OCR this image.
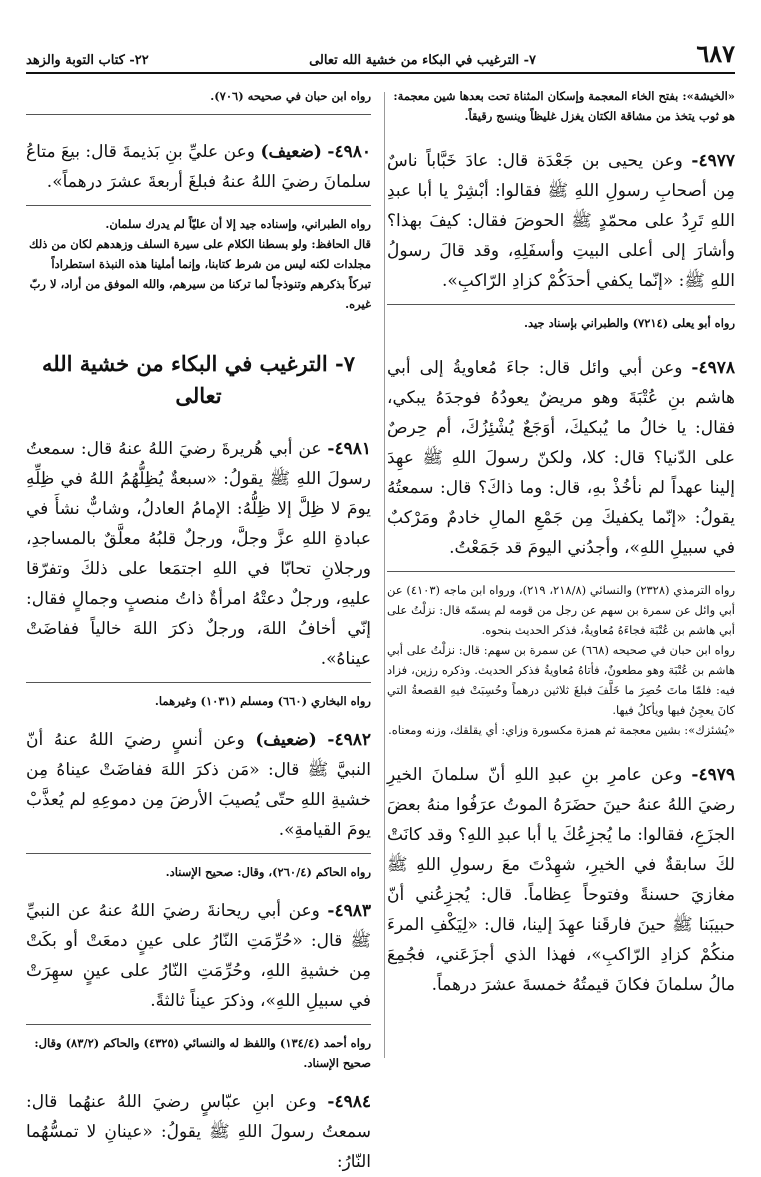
٦٨٧
٧- الترغيب في البكاء من خشية الله تعالى
٢٢- كتاب التوبة والزهد

«الخيشة»: بفتح الخاء المعجمة وإسكان المثناة تحت بعدها شين معجمة: هو ثوب يتخذ من مشاقة الكتان يغزل غليظاً وينسج رقيقاً.

٤٩٧٧- وعن يحيى بن جَعْدَة قال: عادَ خَبَّاباً ناسٌ مِن أصحابِ رسولِ اللهِ ﷺ فقالوا: أبْشِرْ يا أبا عبدِ اللهِ تَرِدُ على محمّدٍ ﷺ الحوضَ فقال: كيفَ بهذا؟ وأشارَ إلى أعلى البيتِ وأسفَلِهِ، وقد قالَ رسولُ اللهِ ﷺ: «إنّما يكفي أحدَكُمْ كزادِ الرّاكبِ».

رواه أبو يعلى (٧٢١٤) والطبراني بإسناد جيد.

٤٩٧٨- وعن أبي وائل قال: جاءَ مُعاويةُ إلى أبي هاشم بنِ عُتْبَةَ وهو مريضٌ يعودُهُ فوجدَهُ يبكي، فقال: يا خالُ ما يُبكيكَ، أوَجَعٌ يُشْئِزُكَ، أم حِرصٌ على الدّنيا؟ قال: كلا، ولكنّ رسولَ اللهِ ﷺ عهِدَ إلينا عهداً لم نأخُذْ بهِ، قال: وما ذاكَ؟ قال: سمعتُهُ يقولُ: «إنّما يكفيكَ مِن جَمْعِ المالِ خادمٌ ومَرْكبٌ في سبيلِ اللهِ»، وأجدُني اليومَ قد جَمَعْتُ.

رواه الترمذي (٢٣٢٨) والنسائي (٢١٨/٨، ٢١٩)، ورواه ابن ماجه (٤١٠٣) عن أبي وائل عن سمرة بن سهم عن رجل من قومه لم يسمّه قال: نزلْتُ على أبي هاشم بن عُتْبَة فجاءَهُ مُعاويةُ، فذكر الحديث بنحوه.

رواه ابن حبان في صحيحه (٦٦٨) عن سمرة بن سهم: قال: نزلْتُ على أبي هاشم بن عُتْبَة وهو مطعونٌ، فأتاهُ مُعاويةُ فذكر الحديث. وذكره رزين، فزاد فيه: فلمّا ماتَ حُصِرَ ما خَلَّفَ فبلغَ ثلاثين درهماً وحُسِبَتْ فيهِ القصعةُ التي كانَ يعجِنُ فيها ويأكلُ فيها.

«يُشئزك»: بشين معجمة ثم همزة مكسورة وزاي: أي يقلقك، وزنه ومعناه.

٤٩٧٩- وعن عامرِ بنِ عبدِ اللهِ أنّ سلمانَ الخيرِ رضيَ اللهُ عنهُ حينَ حضَرَهُ الموتُ عرَفُوا منهُ بعضَ الجزَعِ، فقالوا: ما يُجزِعُكَ يا أبا عبدِ اللهِ؟ وقد كانَتْ لكَ سابقةٌ في الخيرِ، شهِدْتَ معَ رسولِ اللهِ ﷺ مغازيَ حسنةً وفتوحاً عِظاماً. قال: يُجزِعُني أنّ حبيبَنا ﷺ حينَ فارقَنا عهِدَ إلينا، قال: «لِيَكْفِ المرءَ منكُمْ كزادِ الرّاكبِ»، فهذا الذي أجزَعَني، فجُمِعَ مالُ سلمانَ فكانَ قيمتُهُ خمسةَ عشرَ درهماً.

رواه ابن حبان في صحيحه (٧٠٦).

٤٩٨٠- (ضعيف) وعن عليِّ بنِ بَذيمةَ قال: بيعَ متاعُ سلمانَ رضيَ اللهُ عنهُ فبلغَ أربعةَ عشرَ درهماً».

رواه الطبراني، وإسناده جيد إلا أن عليّاً لم يدرك سلمان.

قال الحافظ: ولو بسطنا الكلام على سيرة السلف وزهدهم لكان من ذلك مجلدات لكنه ليس من شرط كتابنا، وإنما أملينا هذه النبذة استطراداً تبركاً بذكرهم وتنوذجاً لما تركنا من سيرهم، والله الموفق من أراد، لا ربّ غيره.

٧- الترغيب في البكاء من خشية الله تعالى

٤٩٨١- عن أبي هُريرةَ رضيَ اللهُ عنهُ قال: سمعتُ رسولَ اللهِ ﷺ يقولُ: «سبعةٌ يُظِلُّهُمُ اللهُ في ظِلِّهِ يومَ لا ظِلَّ إلا ظِلُّهُ: الإمامُ العادلُ، وشابٌّ نشأَ في عبادةِ اللهِ عزَّ وجلَّ، ورجلٌ قلبُهُ معلَّقٌ بالمساجدِ، ورجلانِ تحابّا في اللهِ اجتمَعا على ذلكَ وتفرّقا عليهِ، ورجلٌ دعتْهُ امرأةٌ ذاتُ منصبٍ وجمالٍ فقال: إنّي أخافُ اللهَ، ورجلٌ ذكرَ اللهَ خالياً ففاضَتْ عيناهُ».

رواه البخاري (٦٦٠) ومسلم (١٠٣١) وغيرهما.

٤٩٨٢- (ضعيف) وعن أنسٍ رضيَ اللهُ عنهُ أنّ النبيَّ ﷺ قال: «مَن ذكرَ اللهَ ففاضَتْ عيناهُ مِن خشيةِ اللهِ حتّى يُصيبَ الأرضَ مِن دموعِهِ لم يُعذَّبْ يومَ القيامةِ».

رواه الحاكم (٢٦٠/٤)، وقال: صحيح الإسناد.

٤٩٨٣- وعن أبي ريحانةَ رضيَ اللهُ عنهُ عن النبيِّ ﷺ قال: «حُرِّمَتِ النّارُ على عينٍ دمعَتْ أو بكَتْ مِن خشيةِ اللهِ، وحُرِّمَتِ النّارُ على عينٍ سهِرَتْ في سبيلِ اللهِ»، وذكرَ عيناً ثالثةً.

رواه أحمد (١٣٤/٤) واللفظ له والنسائي (٤٣٢٥) والحاكم (٨٣/٢) وقال: صحيح الإسناد.

٤٩٨٤- وعن ابنِ عبّاسٍ رضيَ اللهُ عنهُما قال: سمعتُ رسولَ اللهِ ﷺ يقولُ: «عينانِ لا تمسُّهُما النّارُ:
